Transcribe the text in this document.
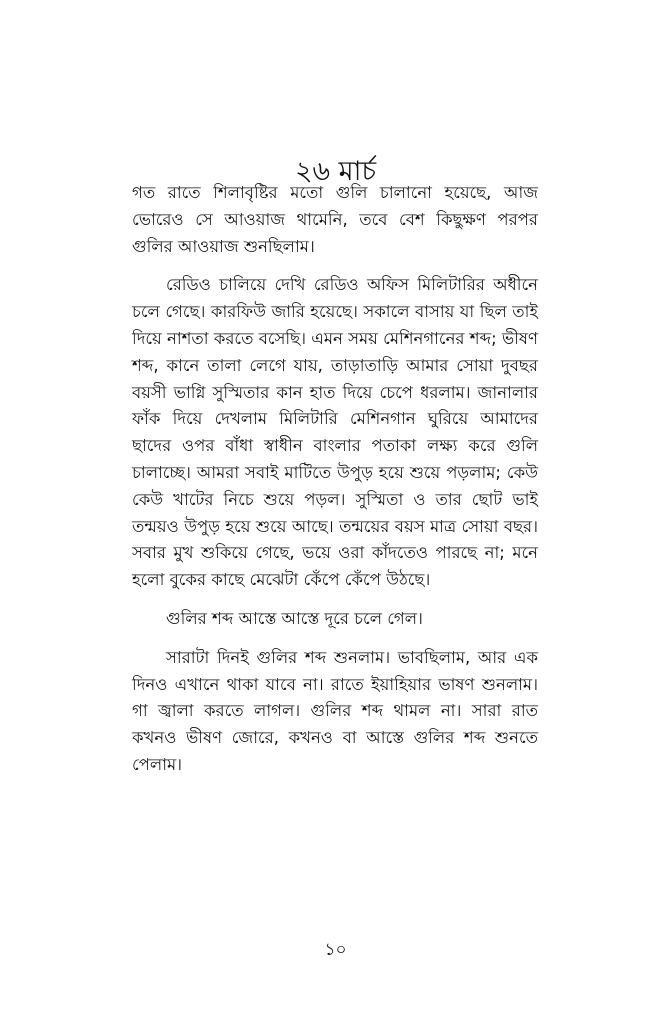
২৬ মার্চ

গত রাতে শিলাবৃষ্টির মতো গুলি চালানো হয়েছে, আজ ভোরেও সে আওয়াজ থামেনি, তবে বেশ কিছুক্ষণ পরপর গুলির আওয়াজ শুনছিলাম।

রেডিও চালিয়ে দেখি রেডিও অফিস মিলিটারির অধীনে চলে গেছে। কারফিউ জারি হয়েছে। সকালে বাসায় যা ছিল তাই দিয়ে নাশতা করতে বসেছি। এমন সময় মেশিনগানের শব্দ; ভীষণ শব্দ, কানে তালা লেগে যায়, তাড়াতাড়ি আমার সোয়া দুবছর বয়সী ভাগ্নি সুস্মিতার কান হাত দিয়ে চেপে ধরলাম। জানালার ফাঁক দিয়ে দেখলাম মিলিটারি মেশিনগান ঘুরিয়ে আমাদের ছাদের ওপর বাঁধা স্বাধীন বাংলার পতাকা লক্ষ্য করে গুলি চালাচ্ছে। আমরা সবাই মাটিতে উপুড় হয়ে শুয়ে পড়লাম; কেউ কেউ খাটের নিচে শুয়ে পড়ল। সুস্মিতা ও তার ছোট ভাই তন্ময়ও উপুড় হয়ে শুয়ে আছে। তন্ময়ের বয়স মাত্র সোয়া বছর। সবার মুখ শুকিয়ে গেছে, ভয়ে ওরা কাঁদতেও পারছে না; মনে হলো বুকের কাছে মেঝেটা কেঁপে কেঁপে উঠছে।

গুলির শব্দ আস্তে আস্তে দূরে চলে গেল।

সারাটা দিনই গুলির শব্দ শুনলাম। ভাবছিলাম, আর এক দিনও এখানে থাকা যাবে না। রাতে ইয়াহিয়ার ভাষণ শুনলাম। গা জ্বালা করতে লাগল। গুলির শব্দ থামল না। সারা রাত কখনও ভীষণ জোরে, কখনও বা আস্তে গুলির শব্দ শুনতে পেলাম।

১০
